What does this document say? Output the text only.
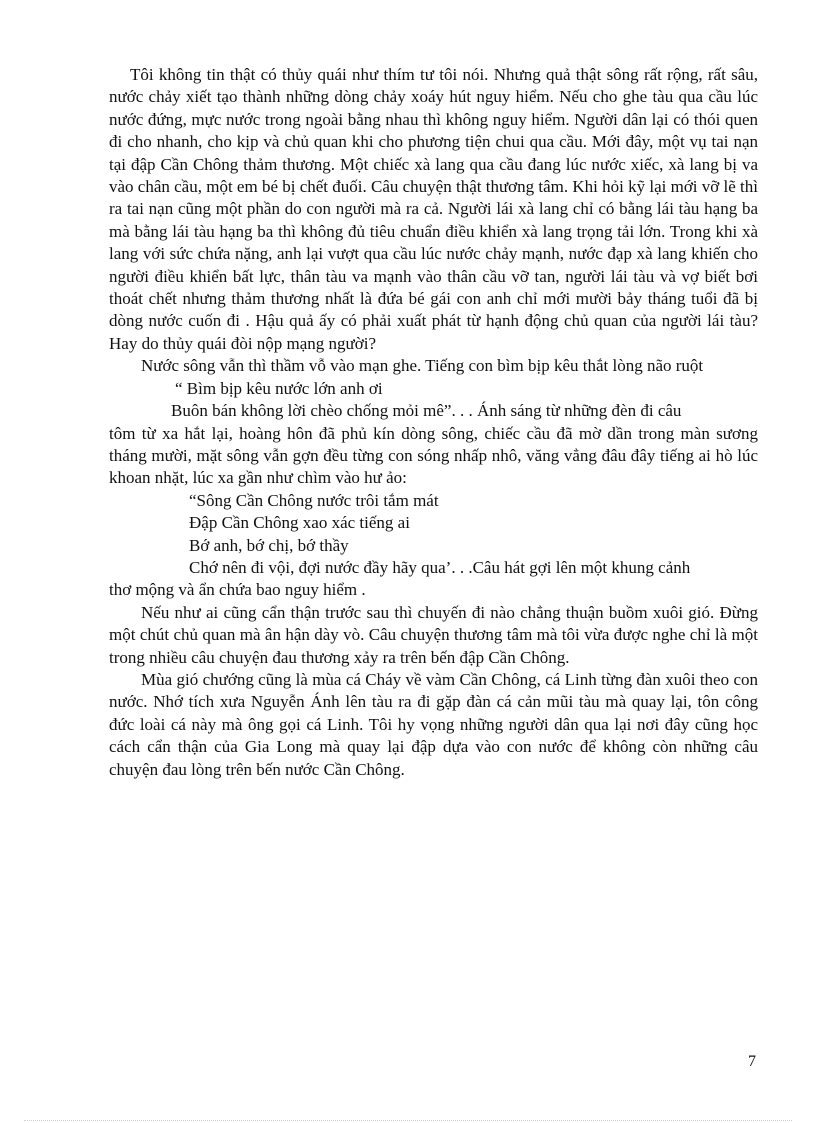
Tôi không tin thật có thủy quái như thím tư tôi nói. Nhưng quả thật sông rất rộng, rất sâu, nước chảy xiết tạo thành những dòng chảy xoáy hút nguy hiểm. Nếu cho ghe tàu qua cầu lúc nước đứng, mực nước trong ngoài bằng nhau thì không nguy hiểm. Người dân lại có thói quen đi cho nhanh, cho kịp và chủ quan khi cho phương tiện chui qua cầu. Mới đây, một vụ tai nạn tại đập Cần Chông thảm thương. Một chiếc xà lang qua cầu đang lúc nước xiếc, xà lang bị va vào chân cầu, một em bé bị chết đuối. Câu chuyện thật thương tâm. Khi hỏi kỹ lại mới vỡ lẽ thì ra tai nạn cũng một phần do con người mà ra cả. Người lái xà lang chỉ có bằng lái tàu hạng ba mà bằng lái tàu hạng ba thì không đủ tiêu chuẩn điều khiển xà lang trọng tải lớn. Trong khi xà lang với sức chứa nặng, anh lại vượt qua cầu lúc nước chảy mạnh, nước đạp xà lang khiến cho người điều khiển bất lực, thân tàu va mạnh vào thân cầu vỡ tan, người lái tàu và vợ biết bơi thoát chết nhưng thảm thương nhất là đứa bé gái con anh chỉ mới mười bảy tháng tuổi đã bị dòng nước cuốn đi . Hậu quả ấy có phải xuất phát từ hạnh động chủ quan của người lái tàu? Hay do thủy quái đòi nộp mạng người?

Nước sông vẫn thì thầm vỗ vào mạn ghe. Tiếng con bìm bịp kêu thắt lòng não ruột

“ Bìm bịp kêu nước lớn anh ơi

Buôn bán không lời chèo chống mỏi mê”. . . Ánh sáng từ những đèn đi câu

tôm từ xa hắt lại, hoàng hôn đã phủ kín dòng sông, chiếc cầu đã mờ dần trong màn sương tháng mười, mặt sông vẫn gợn đều từng con sóng nhấp nhô, văng vẳng đâu đây tiếng ai hò lúc khoan nhặt, lúc xa gần như chìm vào hư ảo:

“Sông Cần Chông nước trôi tắm mát

Đập Cần Chông xao xác tiếng ai

Bớ anh, bớ chị, bớ thầy

Chớ nên đi vội, đợi nước đầy hãy qua’. . .Câu hát gợi lên một khung cảnh

thơ mộng và ẩn chứa bao nguy hiểm .

Nếu như ai cũng cẩn thận trước sau thì chuyến đi nào chẳng thuận buồm xuôi gió. Đừng một chút chủ quan mà ân hận dày vò. Câu chuyện thương tâm mà tôi vừa được nghe chỉ là một trong nhiều câu chuyện đau thương xảy ra trên bến đập Cần Chông.

Mùa gió chướng cũng là mùa cá Cháy về vàm Cần Chông, cá Linh từng đàn xuôi theo con nước. Nhớ tích xưa Nguyễn Ánh lên tàu ra đi gặp đàn cá cản mũi tàu mà quay lại, tôn công đức loài cá này mà ông gọi cá Linh. Tôi hy vọng những người dân qua lại nơi đây cũng học cách cẩn thận của Gia Long mà quay lại đập dựa vào con nước để không còn những câu chuyện đau lòng trên bến nước Cần Chông.

7
